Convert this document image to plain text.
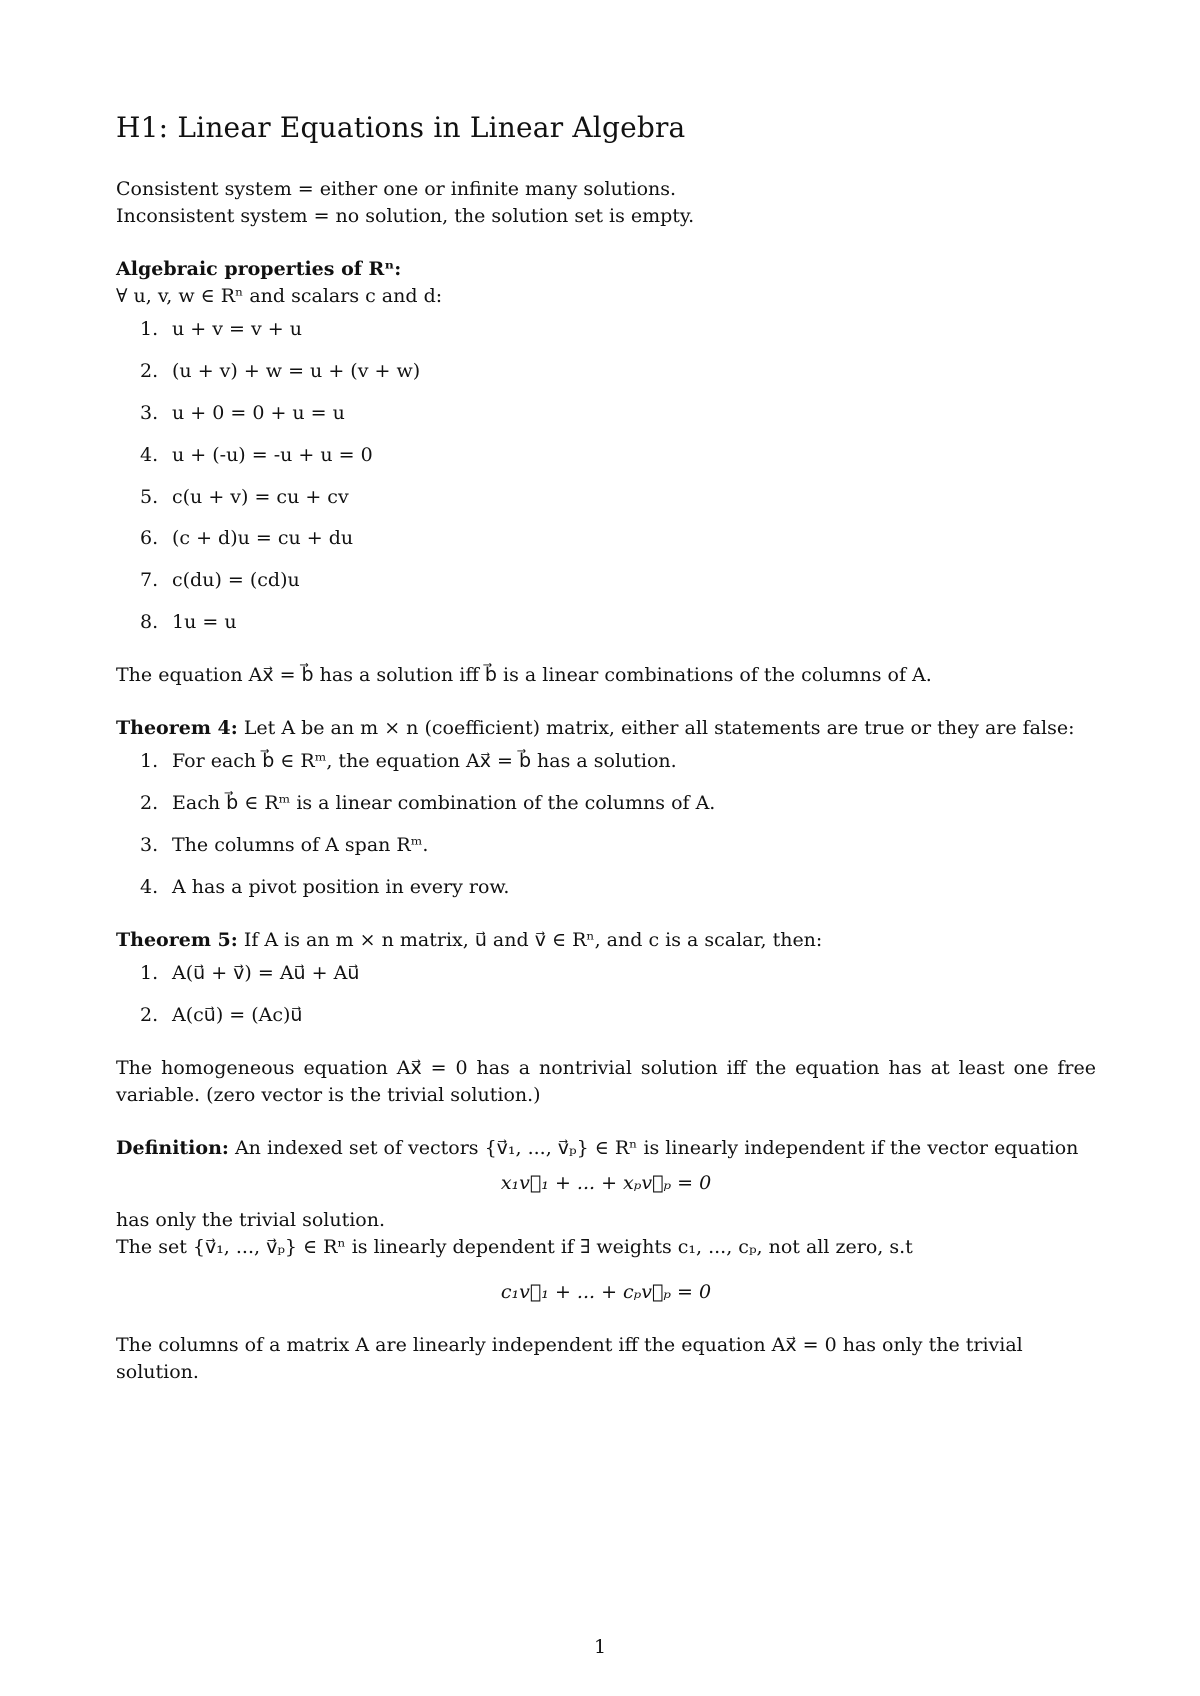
H1: Linear Equations in Linear Algebra

Consistent system = either one or infinite many solutions.

Inconsistent system = no solution, the solution set is empty.

Algebraic properties of Rⁿ:

∀ u, v, w ∈ Rⁿ and scalars c and d:

1. u + v = v + u
2. (u + v) + w = u + (v + w)
3. u + 0 = 0 + u = u
4. u + (-u) = -u + u = 0
5. c(u + v) = cu + cv
6. (c + d)u = cu + du
7. c(du) = (cd)u
8. 1u = u

The equation Ax⃗ = b⃗ has a solution iff b⃗ is a linear combinations of the columns of A.

Theorem 4: Let A be an m × n (coefficient) matrix, either all statements are true or they are false:

1. For each b⃗ ∈ Rᵐ, the equation Ax⃗ = b⃗ has a solution.
2. Each b⃗ ∈ Rᵐ is a linear combination of the columns of A.
3. The columns of A span Rᵐ.
4. A has a pivot position in every row.

Theorem 5: If A is an m × n matrix, u⃗ and v⃗ ∈ Rⁿ, and c is a scalar, then:

1. A(u⃗ + v⃗) = Au⃗ + Au⃗
2. A(cu⃗) = (Ac)u⃗

The homogeneous equation Ax⃗ = 0 has a nontrivial solution iff the equation has at least one free variable. (zero vector is the trivial solution.)

Definition: An indexed set of vectors {v⃗₁, ..., v⃗ₚ} ∈ Rⁿ is linearly independent if the vector equation

x₁v⃗₁ + ... + xₚv⃗ₚ = 0

has only the trivial solution.

The set {v⃗₁, ..., v⃗ₚ} ∈ Rⁿ is linearly dependent if ∃ weights c₁, ..., cₚ, not all zero, s.t

c₁v⃗₁ + ... + cₚv⃗ₚ = 0

The columns of a matrix A are linearly independent iff the equation Ax⃗ = 0 has only the trivial solution.

1
